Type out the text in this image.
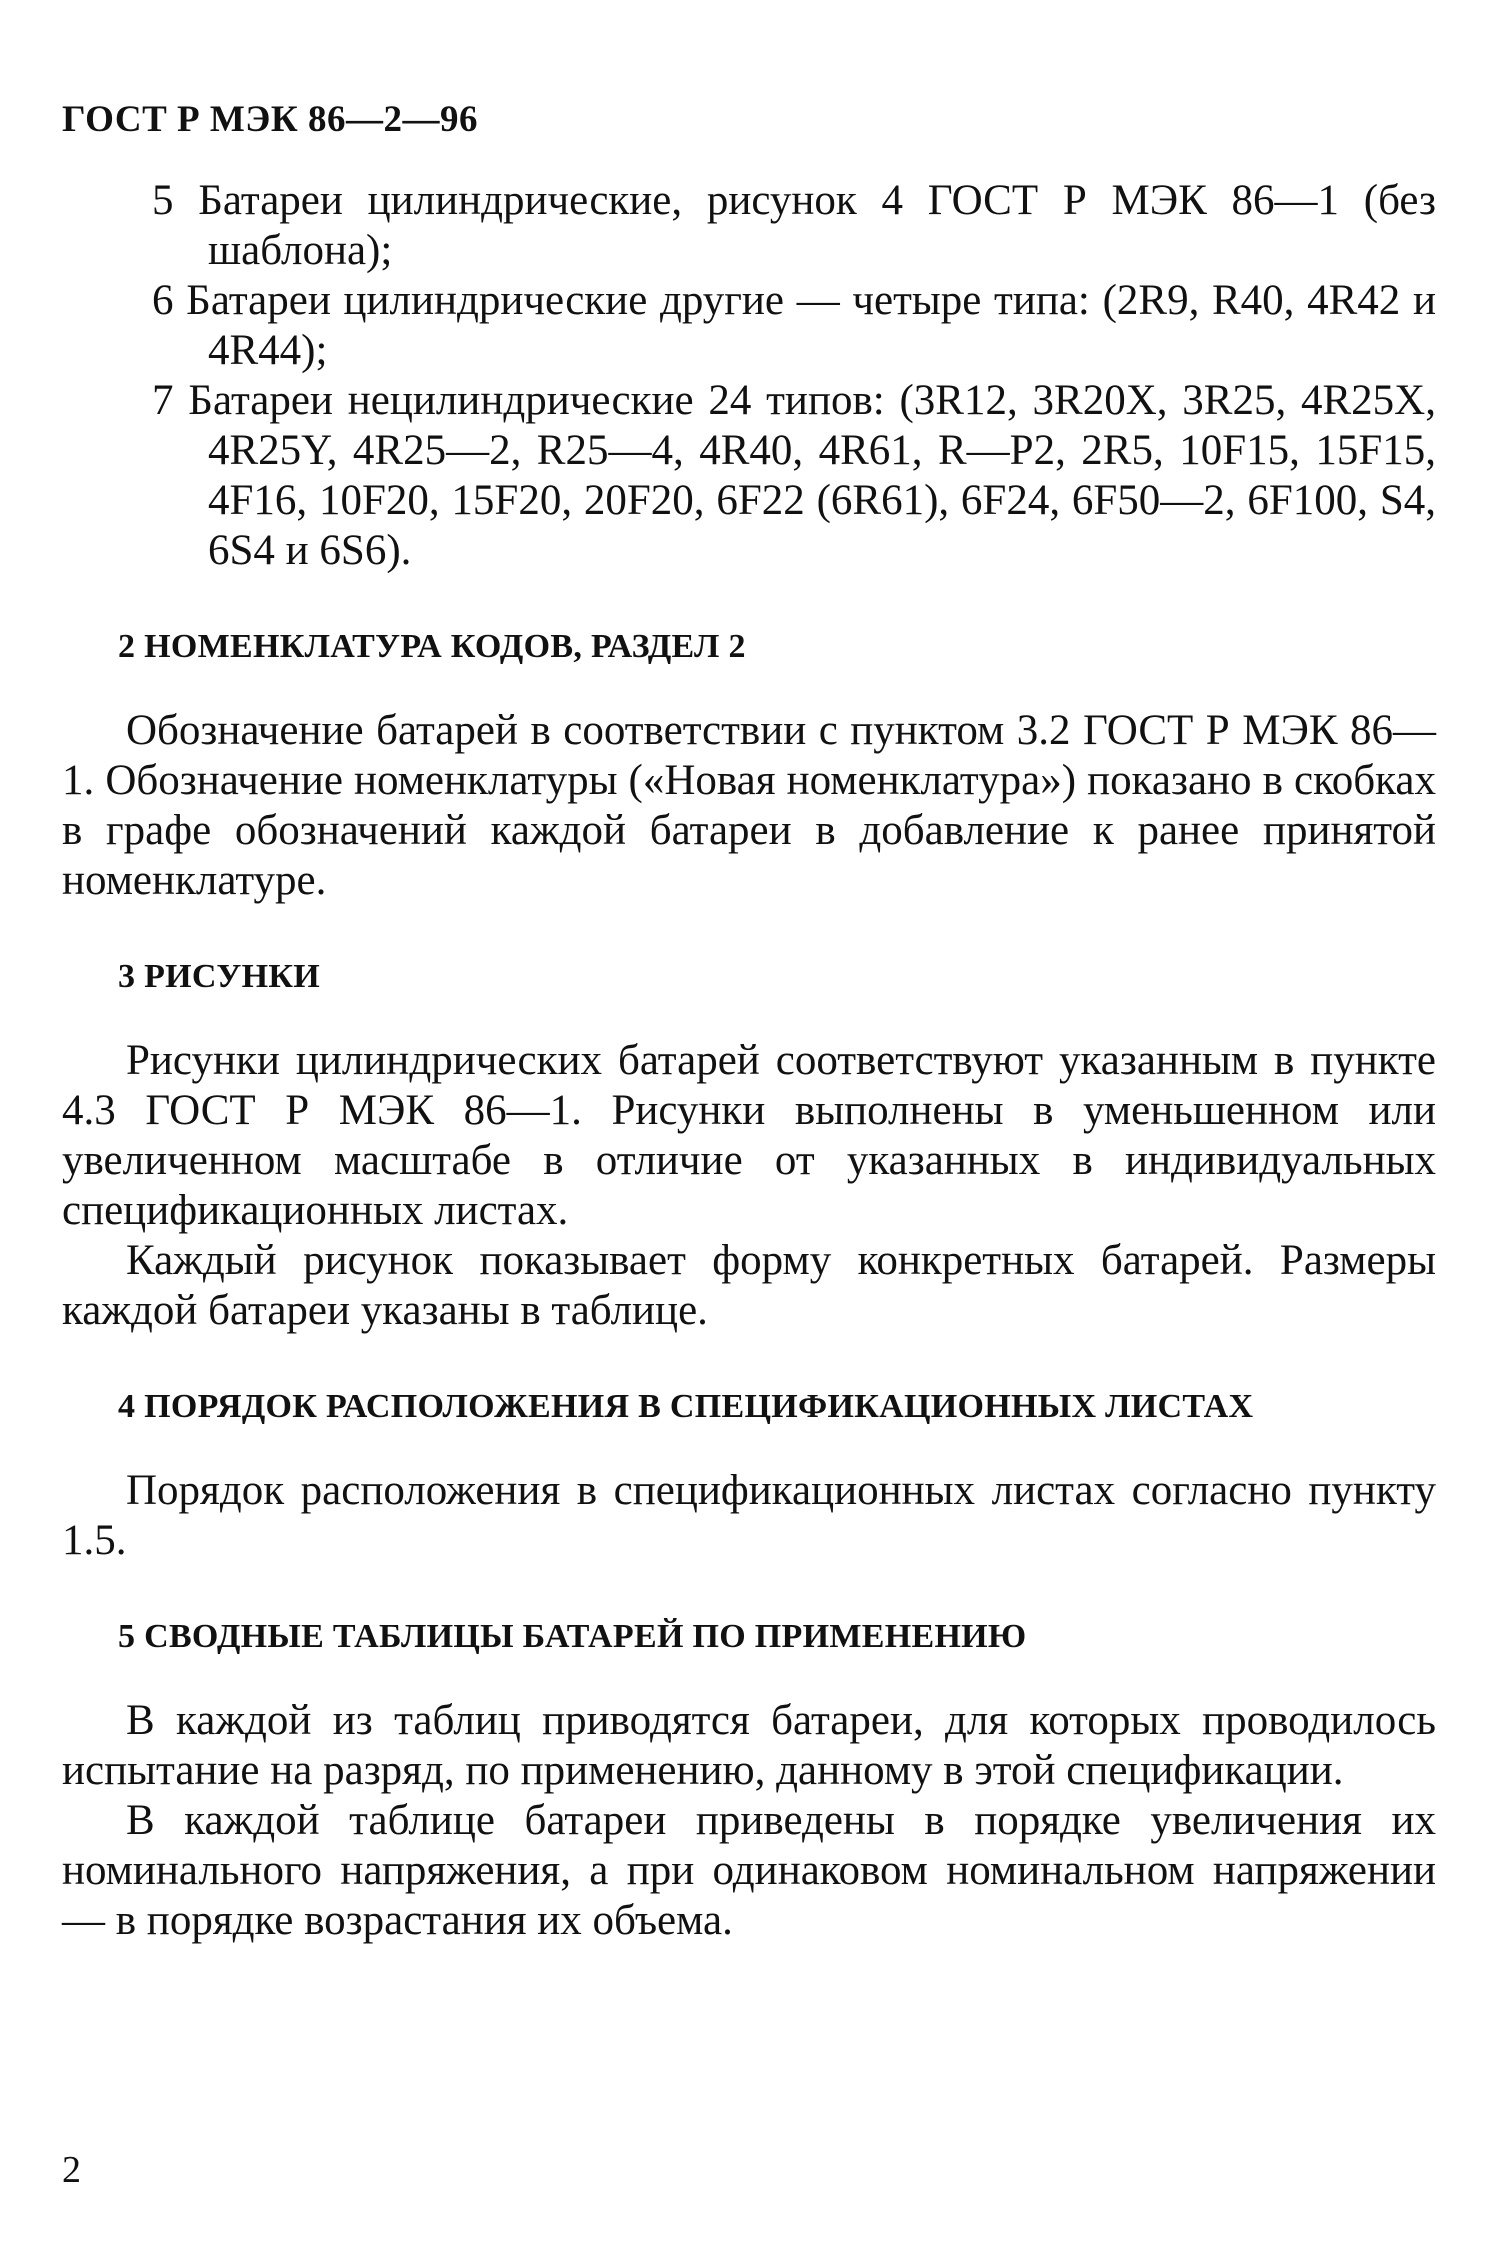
ГОСТ Р МЭК 86—2—96
5 Батареи цилиндрические, рисунок 4 ГОСТ Р МЭК 86—1 (без шаблона);
6 Батареи цилиндрические другие — четыре типа: (2R9, R40, 4R42 и 4R44);
7 Батареи нецилиндрические 24 типов: (3R12, 3R20X, 3R25, 4R25X, 4R25Y, 4R25—2, R25—4, 4R40, 4R61, R—P2, 2R5, 10F15, 15F15, 4F16, 10F20, 15F20, 20F20, 6F22 (6R61), 6F24, 6F50—2, 6F100, S4, 6S4 и 6S6).
2 НОМЕНКЛАТУРА КОДОВ, РАЗДЕЛ 2

Обозначение батарей в соответствии с пунктом 3.2 ГОСТ Р МЭК 86—1. Обозначение номенклатуры («Новая номенклатура») показано в скобках в графе обозначений каждой батареи в добавление к ранее принятой номенклатуре.

3 РИСУНКИ

Рисунки цилиндрических батарей соответствуют указанным в пункте 4.3 ГОСТ Р МЭК 86—1. Рисунки выполнены в уменьшенном или увеличенном масштабе в отличие от указанных в индивидуальных спецификационных листах.

Каждый рисунок показывает форму конкретных батарей. Размеры каждой батареи указаны в таблице.

4 ПОРЯДОК РАСПОЛОЖЕНИЯ В СПЕЦИФИКАЦИОННЫХ ЛИСТАХ

Порядок расположения в спецификационных листах согласно пункту 1.5.

5 СВОДНЫЕ ТАБЛИЦЫ БАТАРЕЙ ПО ПРИМЕНЕНИЮ

В каждой из таблиц приводятся батареи, для которых проводилось испытание на разряд, по применению, данному в этой спецификации.

В каждой таблице батареи приведены в порядке увеличения их номинального напряжения, а при одинаковом номинальном напряжении — в порядке возрастания их объема.

2
